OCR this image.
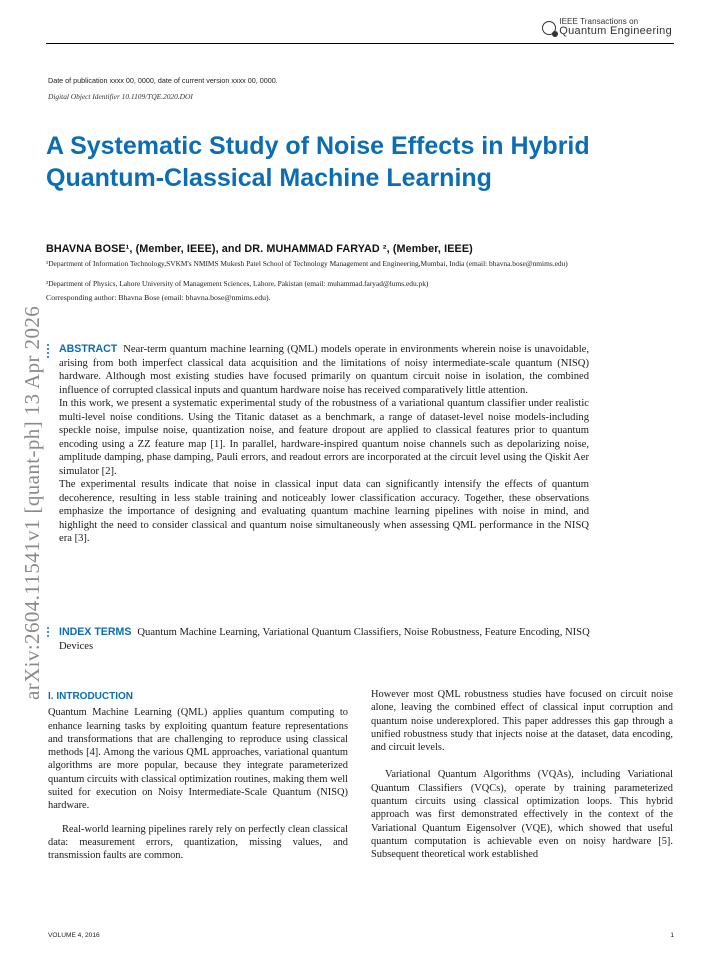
IEEE Transactions on
Quantum Engineering
Date of publication xxxx 00, 0000, date of current version xxxx 00, 0000.
Digital Object Identifier 10.1109/TQE.2020.DOI
A Systematic Study of Noise Effects in Hybrid Quantum-Classical Machine Learning
BHAVNA BOSE¹, (Member, IEEE), and DR. MUHAMMAD FARYAD ², (Member, IEEE)
¹Department of Information Technology,SVKM's NMIMS Mukesh Patel School of Technology Management and Engineering,Mumbai, India (email: bhavna.bose@nmims.edu)
²Department of Physics, Lahore University of Management Sciences, Lahore, Pakistan (email: muhammad.faryad@lums.edu.pk)
Corresponding author: Bhavna Bose (email: bhavna.bose@nmims.edu).
arXiv:2604.11541v1 [quant-ph] 13 Apr 2026 ABSTRACT Near-term quantum machine learning (QML) models operate in environments wherein noise is unavoidable, arising from both imperfect classical data acquisition and the limitations of noisy intermediate-scale quantum (NISQ) hardware. Although most existing studies have focused primarily on quantum circuit noise in isolation, the combined influence of corrupted classical inputs and quantum hardware noise has received comparatively little attention.

In this work, we present a systematic experimental study of the robustness of a variational quantum classifier under realistic multi-level noise conditions. Using the Titanic dataset as a benchmark, a range of dataset-level noise models-including speckle noise, impulse noise, quantization noise, and feature dropout are applied to classical features prior to quantum encoding using a ZZ feature map [1]. In parallel, hardware-inspired quantum noise channels such as depolarizing noise, amplitude damping, phase damping, Pauli errors, and readout errors are incorporated at the circuit level using the Qiskit Aer simulator [2].

The experimental results indicate that noise in classical input data can significantly intensify the effects of quantum decoherence, resulting in less stable training and noticeably lower classification accuracy. Together, these observations emphasize the importance of designing and evaluating quantum machine learning pipelines with noise in mind, and highlight the need to consider classical and quantum noise simultaneously when assessing QML performance in the NISQ era [3].

INDEX TERMS Quantum Machine Learning, Variational Quantum Classifiers, Noise Robustness, Feature Encoding, NISQ Devices
I. INTRODUCTION

Quantum Machine Learning (QML) applies quantum computing to enhance learning tasks by exploiting quantum feature representations and transformations that are challenging to reproduce using classical methods [4]. Among the various QML approaches, variational quantum algorithms are more popular, because they integrate parameterized quantum circuits with classical optimization routines, making them well suited for execution on Noisy Intermediate-Scale Quantum (NISQ) hardware.

Real-world learning pipelines rarely rely on perfectly clean classical data: measurement errors, quantization, missing values, and transmission faults are common.

However most QML robustness studies have focused on circuit noise alone, leaving the combined effect of classical input corruption and quantum noise underexplored. This paper addresses this gap through a unified robustness study that injects noise at the dataset, data encoding, and circuit levels.

Variational Quantum Algorithms (VQAs), including Variational Quantum Classifiers (VQCs), operate by training parameterized quantum circuits using classical optimization loops. This hybrid approach was first demonstrated effectively in the context of the Variational Quantum Eigensolver (VQE), which showed that useful quantum computation is achievable even on noisy hardware [5]. Subsequent theoretical work established

VOLUME 4, 2016	1
